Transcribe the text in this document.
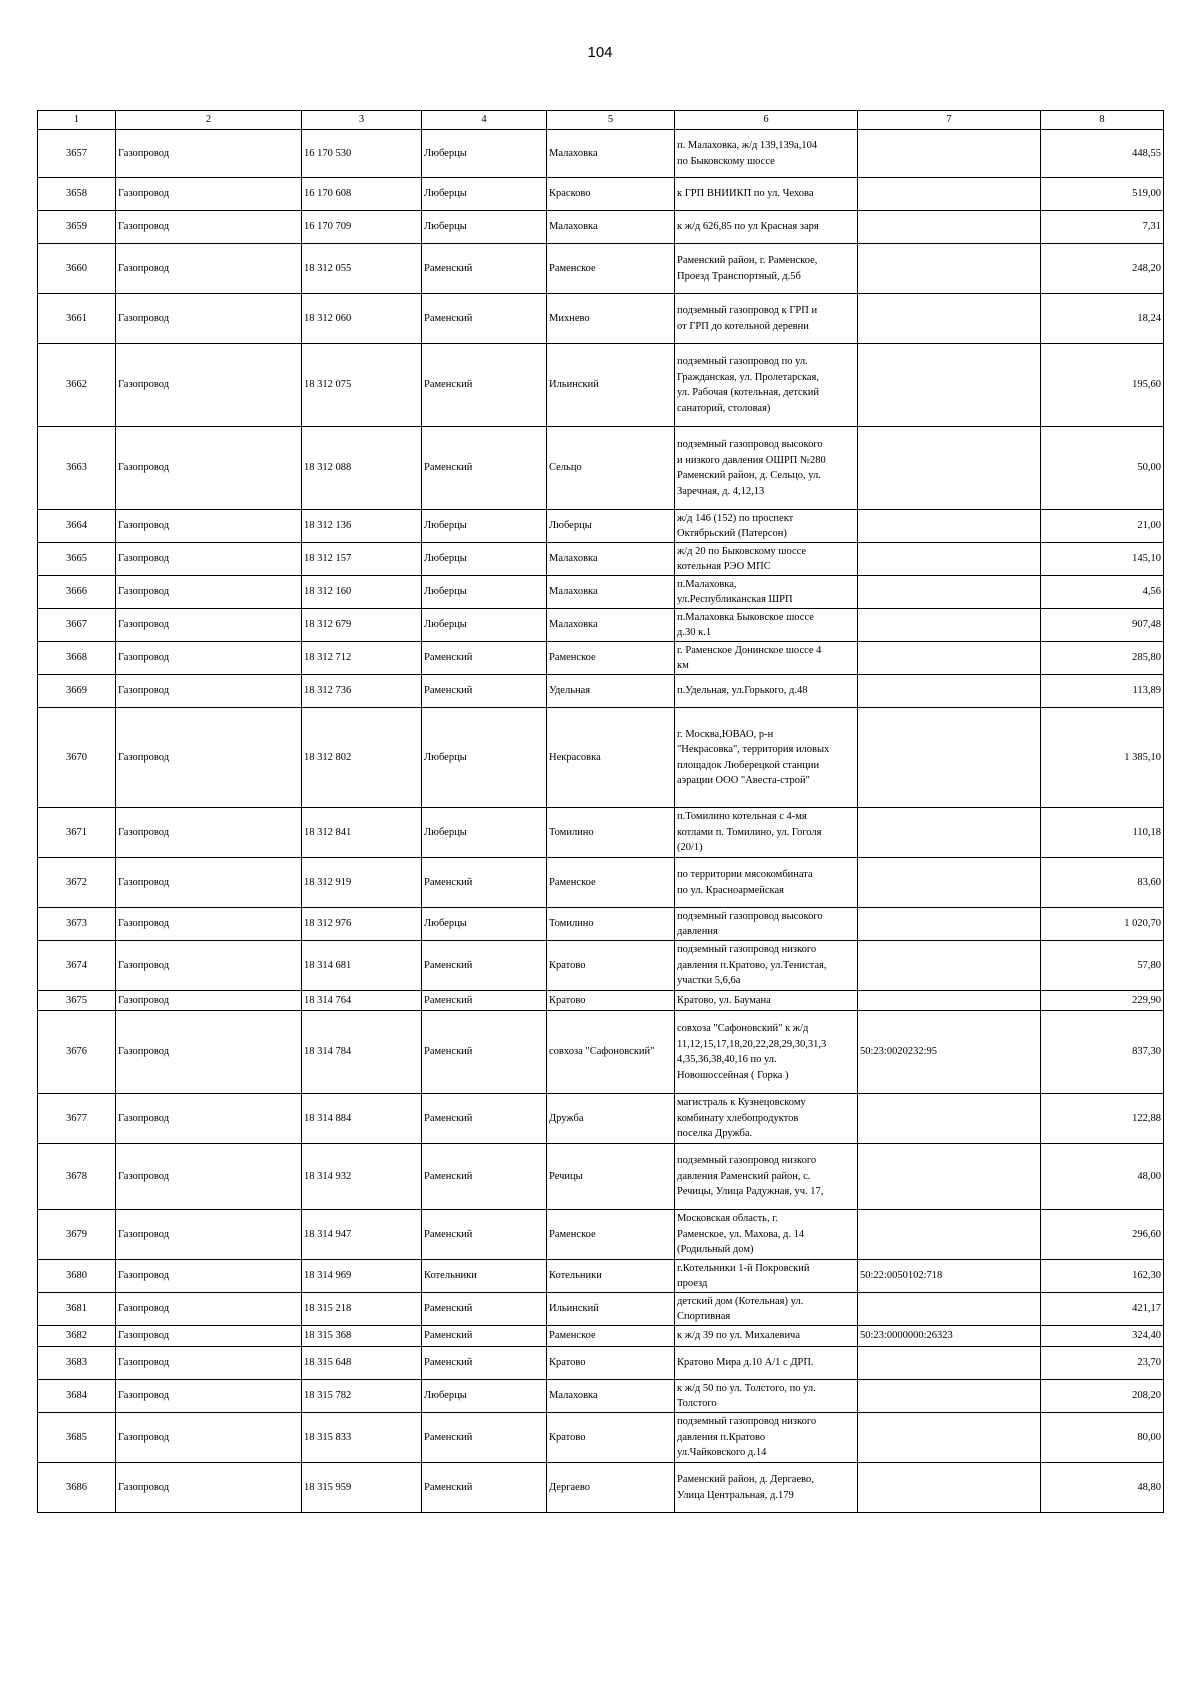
104
1	2	3	4	5	6	7	8
3657	Газопровод	16 170 530	Люберцы	Малаховка	п. Малаховка, ж/д 139,139а,104
по Быковскому шоссе		448,55
3658	Газопровод	16 170 608	Люберцы	Красково	к ГРП ВНИИКП по ул. Чехова		519,00
3659	Газопровод	16 170 709	Люберцы	Малаховка	к ж/д 626,85 по ул Красная заря		7,31
3660	Газопровод	18 312 055	Раменский	Раменское	Раменский район, г. Раменское,
Проезд Транспортный, д.5б		248,20
3661	Газопровод	18 312 060	Раменский	Михнево	подземный газопровод к ГРП и
от ГРП до котельной деревни		18,24
3662	Газопровод	18 312 075	Раменский	Ильинский	подземный газопровод по ул.
Гражданская, ул. Пролетарская,
ул. Рабочая (котельная, детский
санаторий, столовая)		195,60
3663	Газопровод	18 312 088	Раменский	Сельцо	подземный газопровод высокого
и низкого давления ОШРП №280
Раменский район, д. Сельцо, ул.
Заречная, д. 4,12,13		50,00
3664	Газопровод	18 312 136	Люберцы	Люберцы	ж/д 146 (152) по проспект
Октябрьский (Патерсон)		21,00
3665	Газопровод	18 312 157	Люберцы	Малаховка	ж/д 20 по Быковскому шоссе
котельная РЭО МПС		145,10
3666	Газопровод	18 312 160	Люберцы	Малаховка	п.Малаховка,
ул.Республиканская ШРП		4,56
3667	Газопровод	18 312 679	Люберцы	Малаховка	п.Малаховка Быковское шоссе
д.30 к.1		907,48
3668	Газопровод	18 312 712	Раменский	Раменское	г. Раменское Донинское шоссе 4
км		285,80
3669	Газопровод	18 312 736	Раменский	Удельная	п.Удельная, ул.Горького, д.48		113,89
3670	Газопровод	18 312 802	Люберцы	Некрасовка	г. Москва,ЮВАО, р-н
"Некрасовка", территория иловых
площадок Люберецкой станции
аэрации ООО "Авеста-строй"		1 385,10
3671	Газопровод	18 312 841	Люберцы	Томилино	п.Томилино котельная с 4-мя
котлами п. Томилино, ул. Гоголя
(20/1)		110,18
3672	Газопровод	18 312 919	Раменский	Раменское	по территории мясокомбината
по ул. Красноармейская		83,60
3673	Газопровод	18 312 976	Люберцы	Томилино	подземный газопровод высокого
давления		1 020,70
3674	Газопровод	18 314 681	Раменский	Кратово	подземный газопровод низкого
давления п.Кратово, ул.Тенистая,
участки 5,6,6а		57,80
3675	Газопровод	18 314 764	Раменский	Кратово	Кратово, ул. Баумана		229,90
3676	Газопровод	18 314 784	Раменский	совхоза "Сафоновский"	совхоза "Сафоновский" к ж/д
11,12,15,17,18,20,22,28,29,30,31,3
4,35,36,38,40,16 по ул.
Новошоссейная ( Горка )	50:23:0020232:95	837,30
3677	Газопровод	18 314 884	Раменский	Дружба	магистраль к Кузнецовскому
комбинату хлебопродуктов
поселка Дружба.		122,88
3678	Газопровод	18 314 932	Раменский	Речицы	подземный газопровод низкого
давления Раменский район, с.
Речицы, Улица Радужная, уч. 17,		48,00
3679	Газопровод	18 314 947	Раменский	Раменское	Московская область, г.
Раменское, ул. Махова, д. 14
(Родильный дом)		296,60
3680	Газопровод	18 314 969	Котельники	Котельники	г.Котельники 1-й Покровский
проезд	50:22:0050102:718	162,30
3681	Газопровод	18 315 218	Раменский	Ильинский	детский дом (Котельная) ул.
Спортивная		421,17
3682	Газопровод	18 315 368	Раменский	Раменское	к ж/д 39 по ул. Михалевича	50:23:0000000:26323	324,40
3683	Газопровод	18 315 648	Раменский	Кратово	Кратово Мира д.10 А/1 с ДРП.		23,70
3684	Газопровод	18 315 782	Люберцы	Малаховка	к ж/д 50 по ул. Толстого, по ул.
Толстого		208,20
3685	Газопровод	18 315 833	Раменский	Кратово	подземный газопровод низкого
давления п.Кратово
ул.Чайковского д.14		80,00
3686	Газопровод	18 315 959	Раменский	Дергаево	Раменский район, д. Дергаево,
Улица Центральная, д.179		48,80
